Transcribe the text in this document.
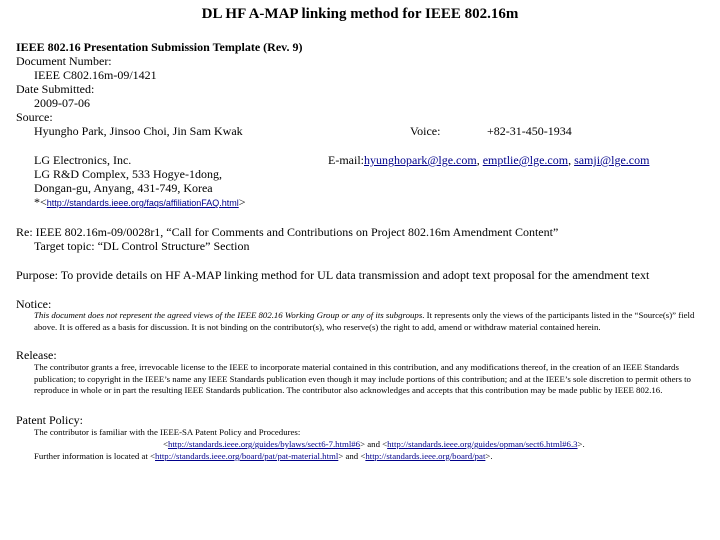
DL HF A-MAP linking method for IEEE 802.16m
IEEE 802.16 Presentation Submission Template (Rev. 9)
Document Number:
IEEE C802.16m-09/1421
Date Submitted:
2009-07-06
Source:
Hyungho Park, Jinsoo Choi, Jin Sam Kwak	Voice:	+82-31-450-1934
LG Electronics, Inc.
LG R&D Complex, 533 Hogye-1dong,
Dongan-gu, Anyang, 431-749, Korea
E-mail:hyunghopark@lge.com, emptlie@lge.com, samji@lge.com
*<http://standards.ieee.org/faqs/affiliationFAQ.html>
Re: IEEE 802.16m-09/0028r1, “Call for Comments and Contributions on Project 802.16m Amendment Content”
Target topic: “DL Control Structure” Section
Purpose: To provide details on HF A-MAP linking method for UL data transmission and adopt text proposal for the amendment text
Notice:
This document does not represent the agreed views of the IEEE 802.16 Working Group or any of its subgroups. It represents only the views of the participants listed in the “Source(s)” field above. It is offered as a basis for discussion. It is not binding on the contributor(s), who reserve(s) the right to add, amend or withdraw material contained herein.
Release:
The contributor grants a free, irrevocable license to the IEEE to incorporate material contained in this contribution, and any modifications thereof, in the creation of an IEEE Standards publication; to copyright in the IEEE’s name any IEEE Standards publication even though it may include portions of this contribution; and at the IEEE’s sole discretion to permit others to reproduce in whole or in part the resulting IEEE Standards publication. The contributor also acknowledges and accepts that this contribution may be made public by IEEE 802.16.
Patent Policy:
The contributor is familiar with the IEEE-SA Patent Policy and Procedures:
<http://standards.ieee.org/guides/bylaws/sect6-7.html#6> and <http://standards.ieee.org/guides/opman/sect6.html#6.3>.
Further information is located at <http://standards.ieee.org/board/pat/pat-material.html> and <http://standards.ieee.org/board/pat>.
